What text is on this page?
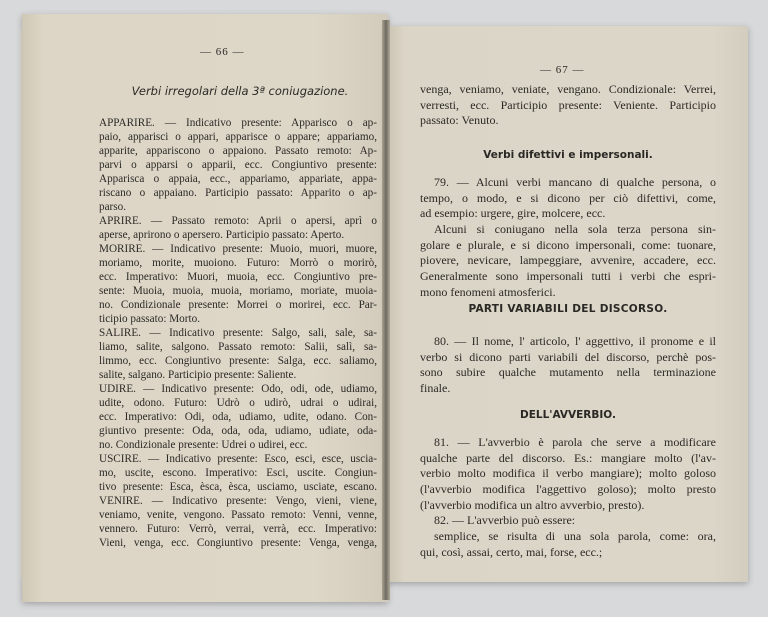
— 66 —
Verbi irregolari della 3ª coniugazione.
APPARIRE. — Indicativo presente: Apparisco o ap-
paio, apparisci o appari, apparisce o appare; appariamo,
apparite, appariscono o appaiono. Passato remoto: Ap-
parvi o apparsi o apparii, ecc. Congiuntivo presente:
Apparisca o appaia, ecc., appariamo, appariate, appa-
riscano o appaiano. Participio passato: Apparito o ap-
parso.
APRIRE. — Passato remoto: Aprii o apersi, aprì o
aperse, aprirono o apersero. Participio passato: Aperto.
MORIRE. — Indicativo presente: Muoio, muori, muore,
moriamo, morite, muoiono. Futuro: Morrò o morirò,
ecc. Imperativo: Muori, muoia, ecc. Congiuntivo pre-
sente: Muoia, muoia, muoia, moriamo, moriate, muoia-
no. Condizionale presente: Morrei o morirei, ecc. Par-
ticipio passato: Morto.
SALIRE. — Indicativo presente: Salgo, sali, sale, sa-
liamo, salite, salgono. Passato remoto: Salii, salì, sa-
limmo, ecc. Congiuntivo presente: Salga, ecc. saliamo,
salite, salgano. Participio presente: Saliente.
UDIRE. — Indicativo presente: Odo, odi, ode, udiamo,
udite, odono. Futuro: Udrò o udirò, udrai o udirai,
ecc. Imperativo: Odi, oda, udiamo, udite, odano. Con-
giuntivo presente: Oda, oda, oda, udiamo, udiate, oda-
no. Condizionale presente: Udrei o udirei, ecc.
USCIRE. — Indicativo presente: Esco, esci, esce, uscia-
mo, uscite, escono. Imperativo: Esci, uscite. Congiun-
tivo presente: Esca, èsca, èsca, usciamo, usciate, escano.
VENIRE. — Indicativo presente: Vengo, vieni, viene,
veniamo, venite, vengono. Passato remoto: Venni, venne,
vennero. Futuro: Verrò, verrai, verrà, ecc. Imperativo:
Vieni, venga, ecc. Congiuntivo presente: Venga, venga,
— 67 —
venga, veniamo, veniate, vengano. Condizionale: Verrei,
verresti, ecc. Participio presente: Veniente. Participio
passato: Venuto.
79. — Alcuni verbi mancano di qualche persona, o
tempo, o modo, e si dicono per ciò difettivi, come,
ad esempio: urgere, gire, molcere, ecc.
Alcuni si coniugano nella sola terza persona sin-
golare e plurale, e si dicono impersonali, come: tuonare,
piovere, nevicare, lampeggiare, avvenire, accadere, ecc.
Generalmente sono impersonali tutti i verbi che espri-
mono fenomeni atmosferici.
80. — Il nome, l' articolo, l' aggettivo, il pronome e il
verbo si dicono parti variabili del discorso, perchè pos-
sono subire qualche mutamento nella terminazione
finale.
81. — L'avverbio è parola che serve a modificare
qualche parte del discorso. Es.: mangiare molto (l'av-
verbio molto modifica il verbo mangiare); molto goloso
(l'avverbio modifica l'aggettivo goloso); molto presto
(l'avverbio modifica un altro avverbio, presto).
82. — L'avverbio può essere:
semplice, se risulta di una sola parola, come: ora,
qui, così, assai, certo, mai, forse, ecc.;
Verbi difettivi e impersonali.
PARTI VARIABILI DEL DISCORSO.
DELL'AVVERBIO.
